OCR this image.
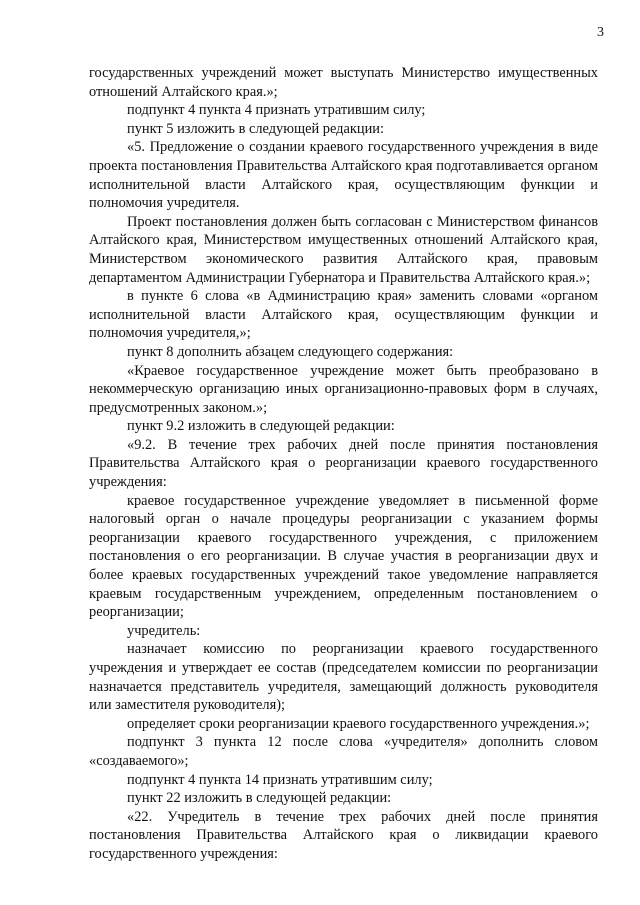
3

государственных учреждений может выступать Министерство имущественных отношений Алтайского края.»;

подпункт 4 пункта 4 признать утратившим силу;

пункт 5 изложить в следующей редакции:

«5. Предложение о создании краевого государственного учреждения в виде проекта постановления Правительства Алтайского края подготавливается органом исполнительной власти Алтайского края, осуществляющим функции и полномочия учредителя.

Проект постановления должен быть согласован с Министерством финансов Алтайского края, Министерством имущественных отношений Алтайского края, Министерством экономического развития Алтайского края, правовым департаментом Администрации Губернатора и Правительства Алтайского края.»;

в пункте 6 слова «в Администрацию края» заменить словами «органом исполнительной власти Алтайского края, осуществляющим функции и полномочия учредителя,»;

пункт 8 дополнить абзацем следующего содержания:

«Краевое государственное учреждение может быть преобразовано в некоммерческую организацию иных организационно-правовых форм в случаях, предусмотренных законом.»;

пункт 9.2 изложить в следующей редакции:

«9.2. В течение трех рабочих дней после принятия постановления Правительства Алтайского края о реорганизации краевого государственного учреждения:

краевое государственное учреждение уведомляет в письменной форме налоговый орган о начале процедуры реорганизации с указанием формы реорганизации краевого государственного учреждения, с приложением постановления о его реорганизации. В случае участия в реорганизации двух и более краевых государственных учреждений такое уведомление направляется краевым государственным учреждением, определенным постановлением о реорганизации;

учредитель:

назначает комиссию по реорганизации краевого государственного учреждения и утверждает ее состав (председателем комиссии по реорганизации назначается представитель учредителя, замещающий должность руководителя или заместителя руководителя);

определяет сроки реорганизации краевого государственного учреждения.»;

подпункт 3 пункта 12 после слова «учредителя» дополнить словом «создаваемого»;

подпункт 4 пункта 14 признать утратившим силу;

пункт 22 изложить в следующей редакции:

«22. Учредитель в течение трех рабочих дней после принятия постановления Правительства Алтайского края о ликвидации краевого государственного учреждения:
